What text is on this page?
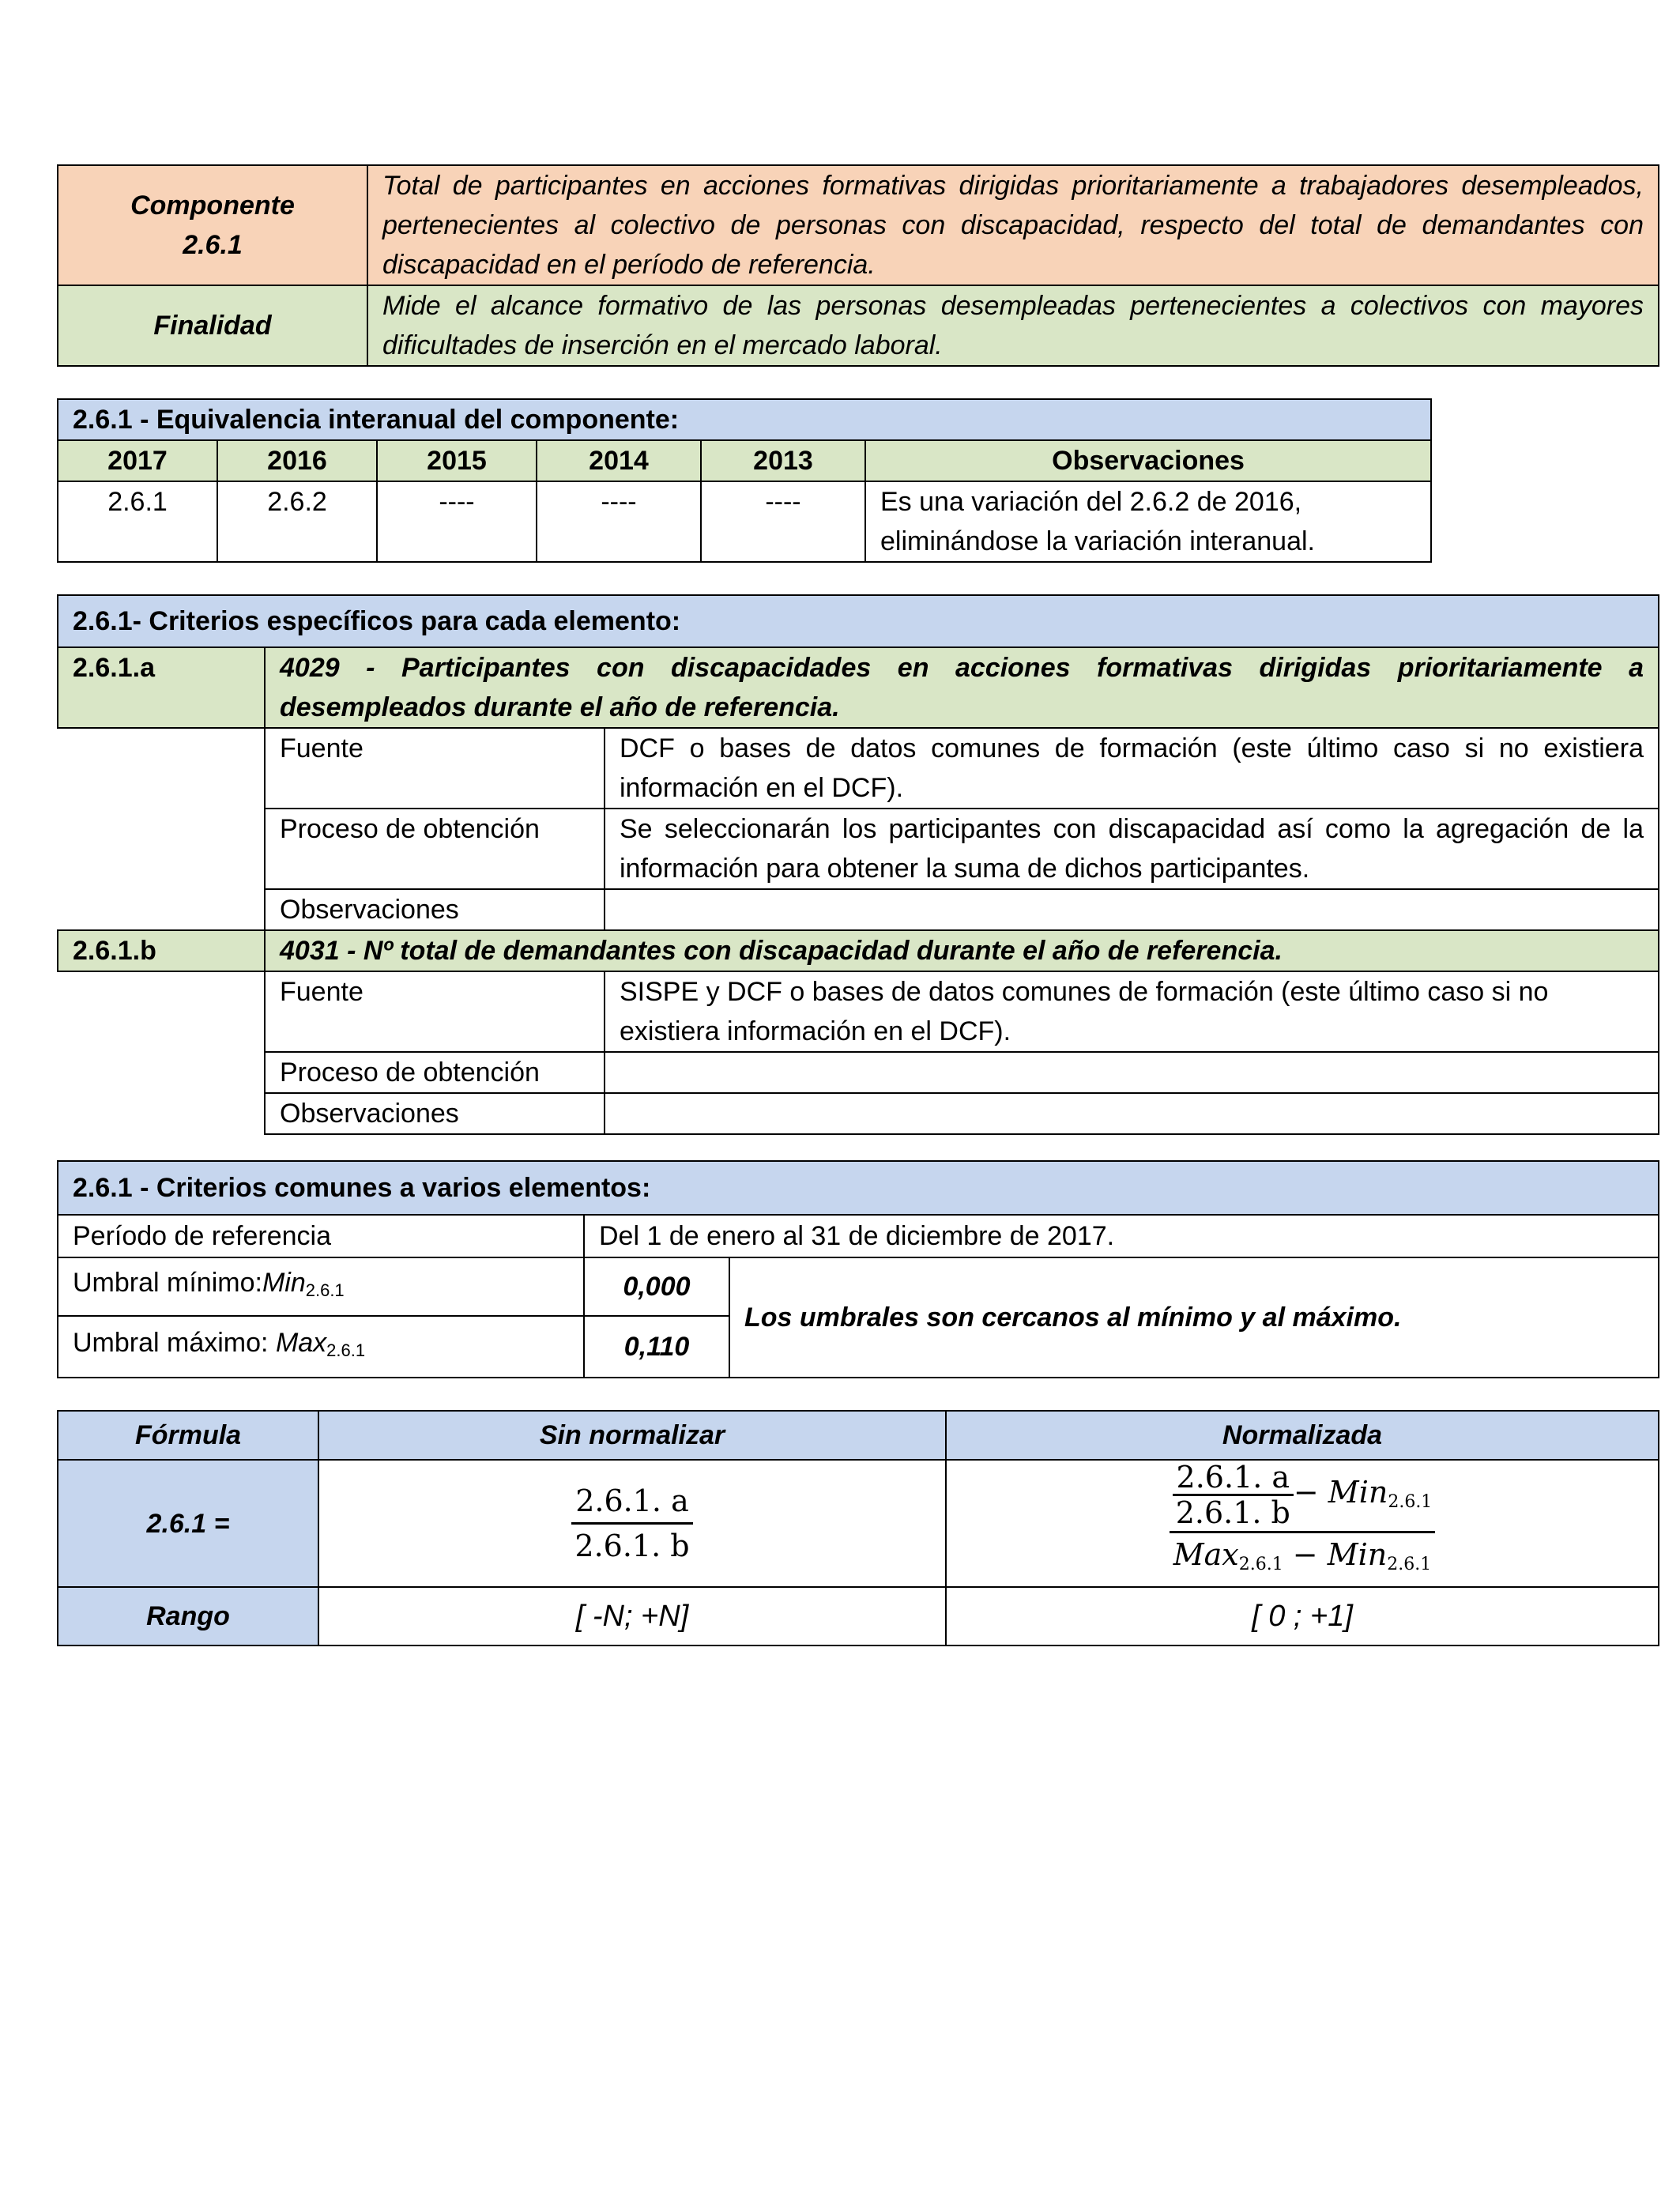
Componente
2.6.1	Total de participantes en acciones formativas dirigidas prioritariamente a trabajadores desempleados, pertenecientes al colectivo de personas con discapacidad, respecto del total de demandantes con discapacidad en el período de referencia.
Finalidad	Mide el alcance formativo de las personas desempleadas pertenecientes a colectivos con mayores dificultades de inserción en el mercado laboral.
2.6.1 - Equivalencia interanual del componente:					
2017	2016	2015	2014	2013	Observaciones
2.6.1	2.6.2	----	----	----	Es una variación del 2.6.2 de 2016, eliminándose la variación interanual.
2.6.1- Criterios específicos para cada elemento:		
2.6.1.a	4029 - Participantes con discapacidades en acciones formativas dirigidas prioritariamente a desempleados durante el año de referencia.	
	Fuente	DCF o bases de datos comunes de formación (este último caso si no existiera información en el DCF).
	Proceso de obtención	Se seleccionarán los participantes con discapacidad así como la agregación de la información para obtener la suma de dichos participantes.
	Observaciones	
2.6.1.b	4031 - Nº total de demandantes con discapacidad durante el año de referencia.	
	Fuente	SISPE y DCF o bases de datos comunes de formación (este último caso si no existiera información en el DCF).
	Proceso de obtención	
	Observaciones	
2.6.1 - Criterios comunes a varios elementos:		
Período de referencia	Del 1 de enero al 31 de diciembre de 2017.	
Umbral mínimo:Min$_{2.6.1}$	0,000	Los umbrales son cercanos al mínimo y al máximo.
Umbral máximo: Max$_{2.6.1}$	0,110	
Fórmula	Sin normalizar	Normalizada
2.6.1 =	$\frac{2.6.1. a}{2.6.1. b}$	$\frac{\frac{2.6.1. a}{2.6.1. b} - Min_{2.6.1}}{Max_{2.6.1} - Min_{2.6.1}}$

Rango	[ -N; +N]	[ 0 ; +1]
